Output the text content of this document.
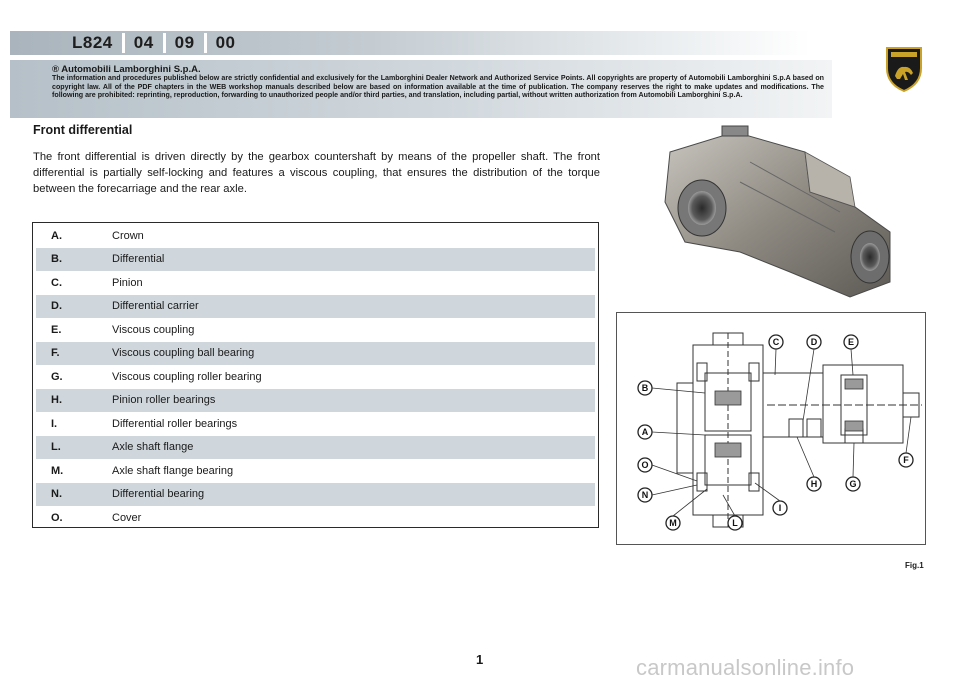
L824 04 09 00
® Automobili Lamborghini S.p.A.
The information and procedures published below are strictly confidential and exclusively for the Lamborghini Dealer Network and Authorized Service Points. All copyrights are property of Automobili Lamborghini S.p.A based on copyright law. All of the PDF chapters in the WEB workshop manuals described below are based on information available at the time of publication. The company reserves the right to make updates and modifications. The following are prohibited: reprinting, reproduction, forwarding to unauthorized people and/or third parties, and translation, including partial, without written authorization from Automobili Lamborghini S.p.A.
Front differential
The front differential is driven directly by the gearbox countershaft by means of the propeller shaft. The front differential is partially self-locking and features a viscous coupling, that ensures the distribution of the torque between the forecarriage and the rear axle.
A.	Crown
B.	Differential
C.	Pinion
D.	Differential carrier
E.	Viscous coupling
F.	Viscous coupling ball bearing
G.	Viscous coupling roller bearing
H.	Pinion roller bearings
I.	Differential roller bearings
L.	Axle shaft flange
M.	Axle shaft flange bearing
N.	Differential bearing
O.	Cover
C	D	E
B
A
O
N
M	L
I
H	G
F
Fig.1
1	carmanualsonline.info
